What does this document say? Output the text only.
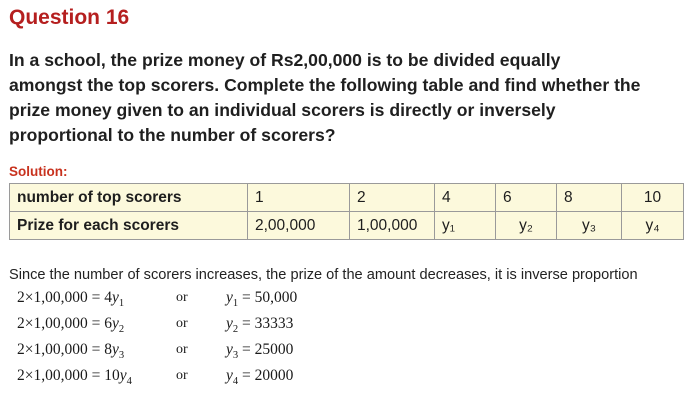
Question 16
In a school, the prize money of Rs2,00,000 is to be divided equally
amongst the top scorers. Complete the following table and find whether the
prize money given to an individual scorers is directly or inversely
proportional to the number of scorers?
Solution:
number of top scorers	1	2	4	6	8	10
Prize for each scorers	2,00,000	1,00,000	y₁	y₂	y₃	y₄
Since the number of scorers increases, the prize of the amount decreases, it is inverse proportion
$2\times 1,00,000 = 4y_1$	or $y_1 = 50,000$
$2\times 1,00,000 = 6y_2$	or $y_2 = 33333$
$2\times 1,00,000 = 8y_3$	or $y_3 = 25000$
$2\times 1,00,000 = 10y_4$	or $y_4 = 20000$
